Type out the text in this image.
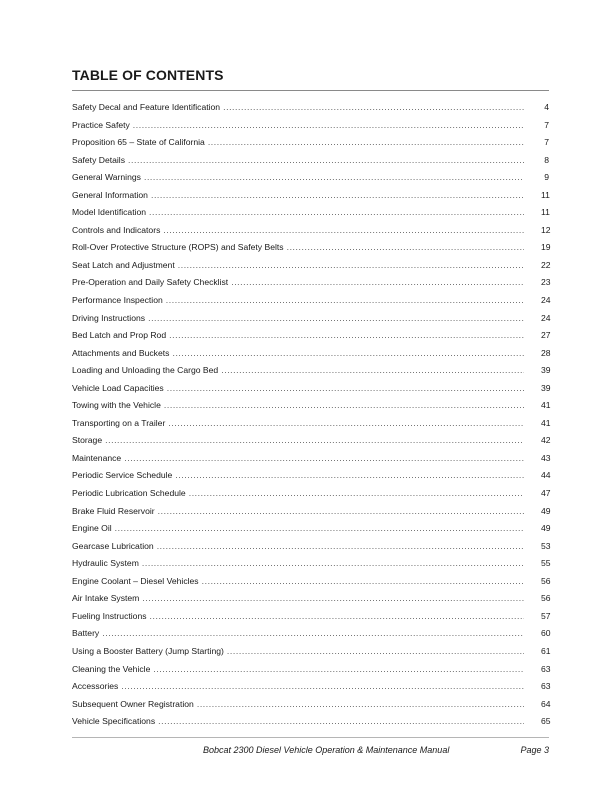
TABLE OF CONTENTS
Safety Decal and Feature Identification .....	4
Practice Safety .....	7
Proposition 65 – State of California .....	7
Safety Details .....	8
General Warnings .....	9
General Information .....	11
Model Identification .....	11
Controls and Indicators .....	12
Roll-Over Protective Structure (ROPS) and Safety Belts .....	19
Seat Latch and Adjustment .....	22
Pre-Operation and Daily Safety Checklist .....	23
Performance Inspection .....	24
Driving Instructions .....	24
Bed Latch and Prop Rod .....	27
Attachments and Buckets .....	28
Loading and Unloading the Cargo Bed .....	39
Vehicle Load Capacities .....	39
Towing with the Vehicle .....	41
Transporting on a Trailer .....	41
Storage .....	42
Maintenance .....	43
Periodic Service Schedule .....	44
Periodic Lubrication Schedule .....	47
Brake Fluid Reservoir .....	49
Engine Oil .....	49
Gearcase Lubrication .....	53
Hydraulic System .....	55
Engine Coolant – Diesel Vehicles .....	56
Air Intake System .....	56
Fueling Instructions .....	57
Battery .....	60
Using a Booster Battery (Jump Starting) .....	61
Cleaning the Vehicle .....	63
Accessories .....	63
Subsequent Owner Registration .....	64
Vehicle Specifications .....	65
Bobcat 2300 Diesel Vehicle Operation & Maintenance Manual	Page 3
